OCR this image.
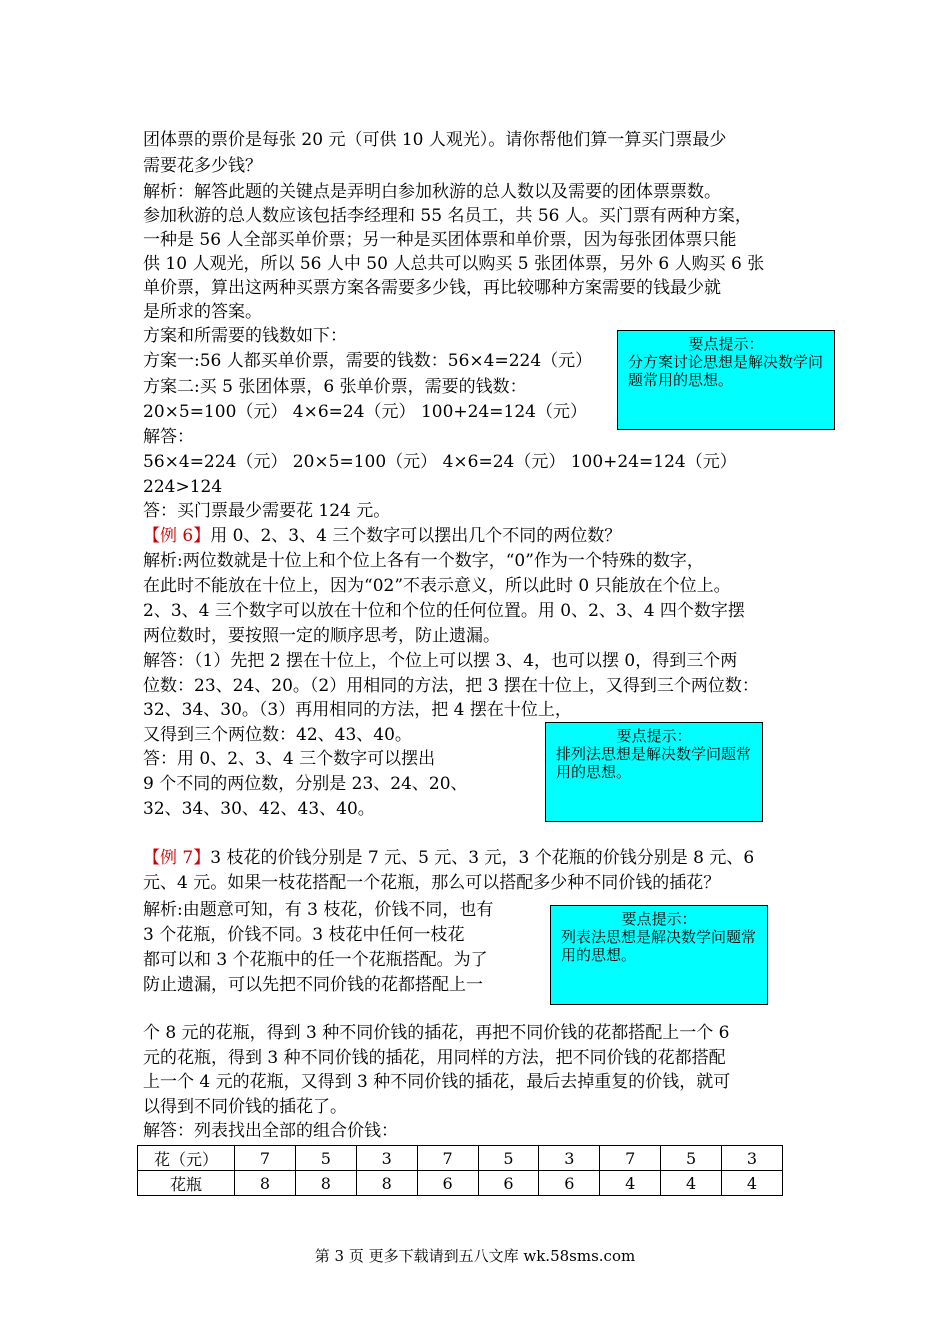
团体票的票价是每张 20 元（可供 10 人观光）。请你帮他们算一算买门票最少
需要花多少钱？
解析：解答此题的关键点是弄明白参加秋游的总人数以及需要的团体票票数。
参加秋游的总人数应该包括李经理和 55 名员工，共 56 人。买门票有两种方案，
一种是 56 人全部买单价票；另一种是买团体票和单价票，因为每张团体票只能
供 10 人观光，所以 56 人中 50 人总共可以购买 5 张团体票，另外 6 人购买 6 张
单价票，算出这两种买票方案各需要多少钱，再比较哪种方案需要的钱最少就
是所求的答案。
方案和所需要的钱数如下：
方案一:56 人都买单价票，需要的钱数：56×4=224（元）
方案二:买 5 张团体票，6 张单价票，需要的钱数：
20×5=100（元） 4×6=24（元） 100+24=124（元）
解答：
56×4=224（元） 20×5=100（元） 4×6=24（元） 100+24=124（元）
224>124
答：买门票最少需要花 124 元。
【例 6】用 0、2、3、4 三个数字可以摆出几个不同的两位数？
解析:两位数就是十位上和个位上各有一个数字，“0”作为一个特殊的数字，
在此时不能放在十位上，因为“02”不表示意义，所以此时 0 只能放在个位上。
2、3、4 三个数字可以放在十位和个位的任何位置。用 0、2、3、4 四个数字摆
两位数时，要按照一定的顺序思考，防止遗漏。
解答：（1）先把 2 摆在十位上，个位上可以摆 3、4，也可以摆 0，得到三个两
位数：23、24、20。（2）用相同的方法，把 3 摆在十位上，又得到三个两位数：
32、34、30。（3）再用相同的方法，把 4 摆在十位上，
又得到三个两位数：42、43、40。
答：用 0、2、3、4 三个数字可以摆出
9 个不同的两位数，分别是 23、24、20、
32、34、30、42、43、40。
【例 7】3 枝花的价钱分别是 7 元、5 元、3 元，3 个花瓶的价钱分别是 8 元、6
元、4 元。如果一枝花搭配一个花瓶，那么可以搭配多少种不同价钱的插花？
解析:由题意可知，有 3 枝花，价钱不同，也有
3 个花瓶，价钱不同。3 枝花中任何一枝花
都可以和 3 个花瓶中的任一个花瓶搭配。为了
防止遗漏，可以先把不同价钱的花都搭配上一
个 8 元的花瓶，得到 3 种不同价钱的插花，再把不同价钱的花都搭配上一个 6
元的花瓶，得到 3 种不同价钱的插花，用同样的方法，把不同价钱的花都搭配
上一个 4 元的花瓶，又得到 3 种不同价钱的插花，最后去掉重复的价钱，就可
以得到不同价钱的插花了。
解答：列表找出全部的组合价钱：
要点提示：
分方案讨论思想是解决数学问题常用的思想。
要点提示：
排列法思想是解决数学问题常用的思想。
要点提示：
列表法思想是解决数学问题常用的思想。
花（元）	7	5	3	7	5	3	7	5	3
花瓶	8	8	8	6	6	6	4	4	4
第 3 页 更多下载请到五八文库 wk.58sms.com
